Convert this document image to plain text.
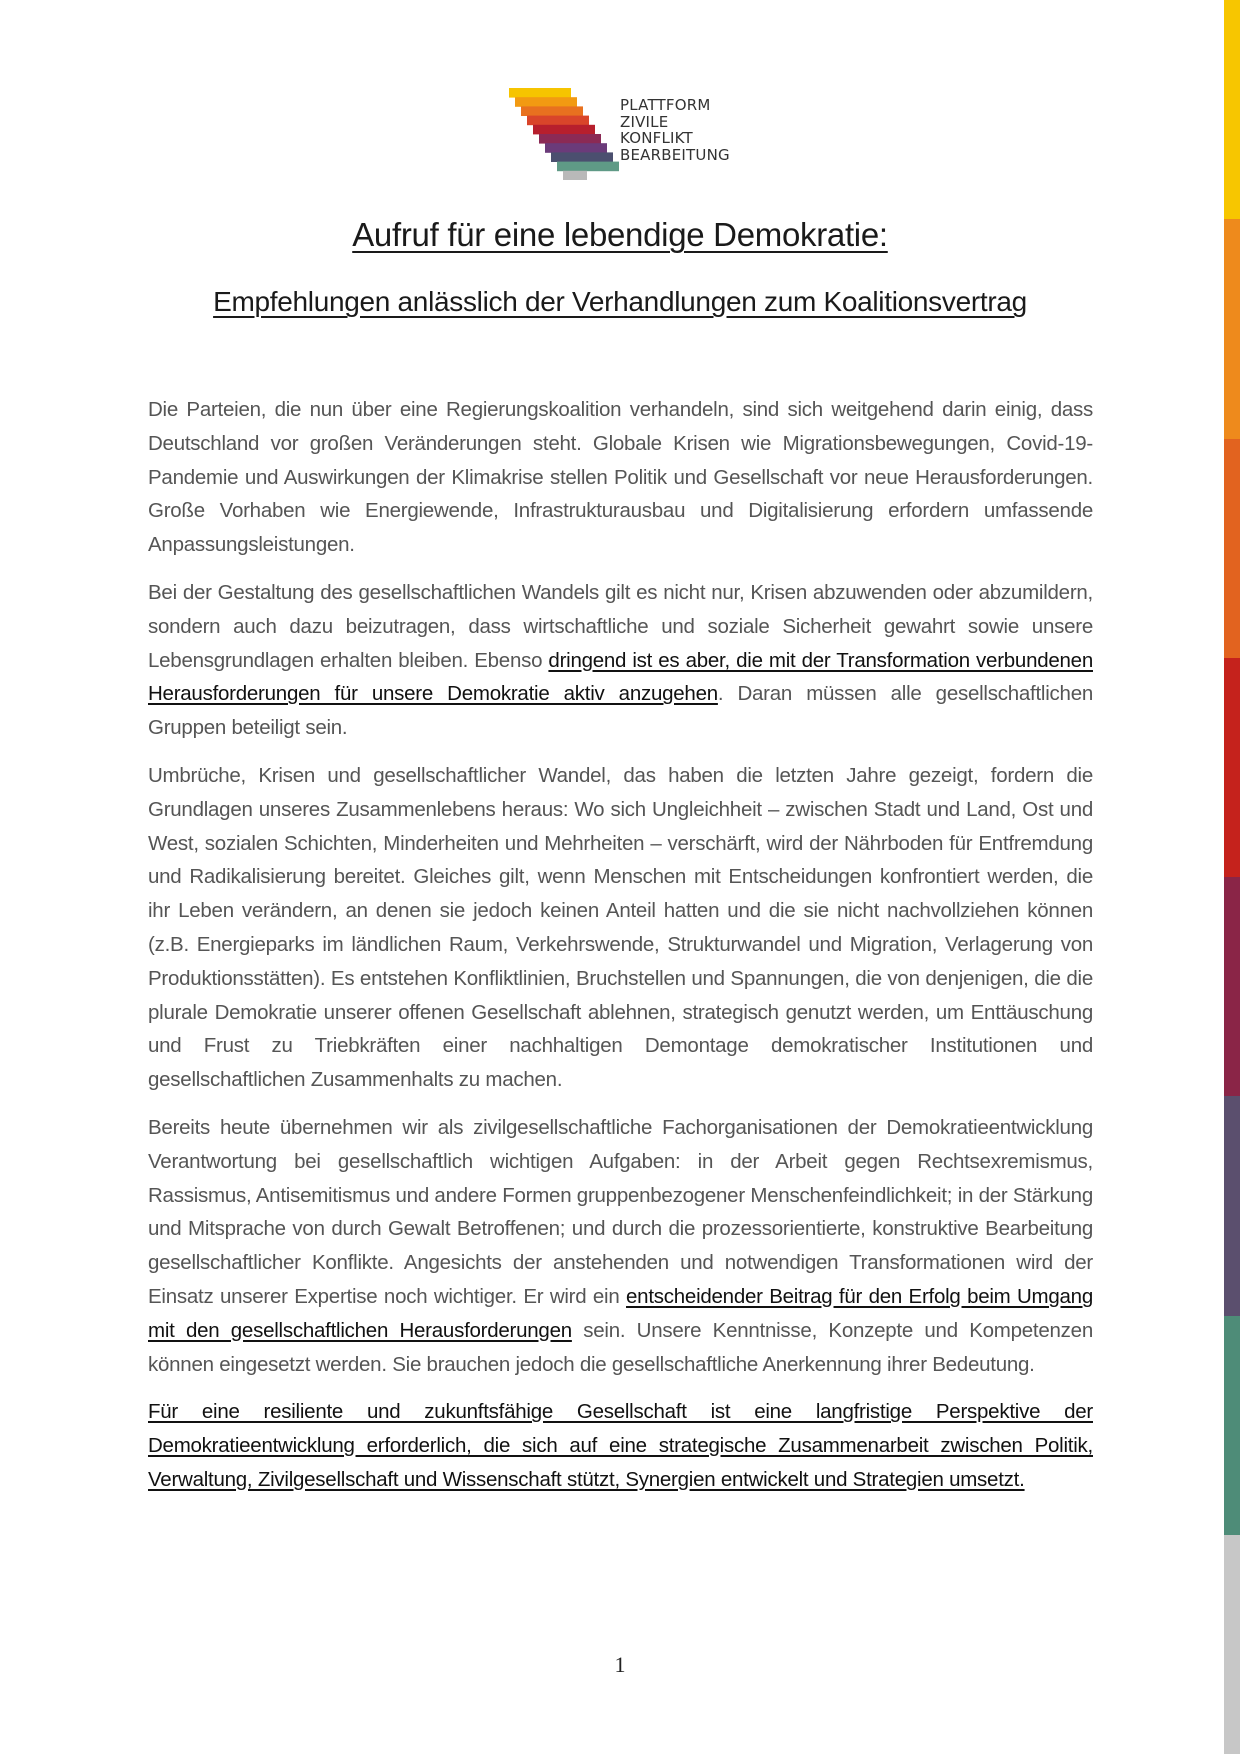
PLATTFORM
ZIVILE
KONFLIKT
BEARBEITUNG
Aufruf für eine lebendige Demokratie:
Empfehlungen anlässlich der Verhandlungen zum Koalitionsvertrag

Die Parteien, die nun über eine Regierungskoalition verhandeln, sind sich weitgehend darin einig, dass Deutschland vor großen Veränderungen steht. Globale Krisen wie Migrationsbewegungen, Covid-19-Pandemie und Auswirkungen der Klimakrise stellen Politik und Gesellschaft vor neue Herausforderungen. Große Vorhaben wie Energiewende, Infrastrukturausbau und Digitalisierung erfordern umfassende Anpassungsleistungen.

Bei der Gestaltung des gesellschaftlichen Wandels gilt es nicht nur, Krisen abzuwenden oder abzumildern, sondern auch dazu beizutragen, dass wirtschaftliche und soziale Sicherheit gewahrt sowie unsere Lebensgrundlagen erhalten bleiben. Ebenso dringend ist es aber, die mit der Transformation verbundenen Herausforderungen für unsere Demokratie aktiv anzugehen. Daran müssen alle gesellschaftlichen Gruppen beteiligt sein.

Umbrüche, Krisen und gesellschaftlicher Wandel, das haben die letzten Jahre gezeigt, fordern die Grundlagen unseres Zusammenlebens heraus: Wo sich Ungleichheit – zwischen Stadt und Land, Ost und West, sozialen Schichten, Minderheiten und Mehrheiten – verschärft, wird der Nährboden für Entfremdung und Radikalisierung bereitet. Gleiches gilt, wenn Menschen mit Entscheidungen konfrontiert werden, die ihr Leben verändern, an denen sie jedoch keinen Anteil hatten und die sie nicht nachvollziehen können (z.B. Energieparks im ländlichen Raum, Verkehrswende, Strukturwandel und Migration, Verlagerung von Produktionsstätten). Es entstehen Konfliktlinien, Bruchstellen und Spannungen, die von denjenigen, die die plurale Demokratie unserer offenen Gesellschaft ablehnen, strategisch genutzt werden, um Enttäuschung und Frust zu Triebkräften einer nachhaltigen Demontage demokratischer Institutionen und gesellschaftlichen Zusammenhalts zu machen.

Bereits heute übernehmen wir als zivilgesellschaftliche Fachorganisationen der Demokratieentwicklung Verantwortung bei gesellschaftlich wichtigen Aufgaben: in der Arbeit gegen Rechtsexremismus, Rassismus, Antisemitismus und andere Formen gruppenbezogener Menschenfeindlichkeit; in der Stärkung und Mitsprache von durch Gewalt Betroffenen; und durch die prozessorientierte, konstruktive Bearbeitung gesellschaftlicher Konflikte. Angesichts der anstehenden und notwendigen Transformationen wird der Einsatz unserer Expertise noch wichtiger. Er wird ein entscheidender Beitrag für den Erfolg beim Umgang mit den gesellschaftlichen Herausforderungen sein. Unsere Kenntnisse, Konzepte und Kompetenzen können eingesetzt werden. Sie brauchen jedoch die gesellschaftliche Anerkennung ihrer Bedeutung.

Für eine resiliente und zukunftsfähige Gesellschaft ist eine langfristige Perspektive der Demokratieentwicklung erforderlich, die sich auf eine strategische Zusammenarbeit zwischen Politik, Verwaltung, Zivilgesellschaft und Wissenschaft stützt, Synergien entwickelt und Strategien umsetzt.

1
